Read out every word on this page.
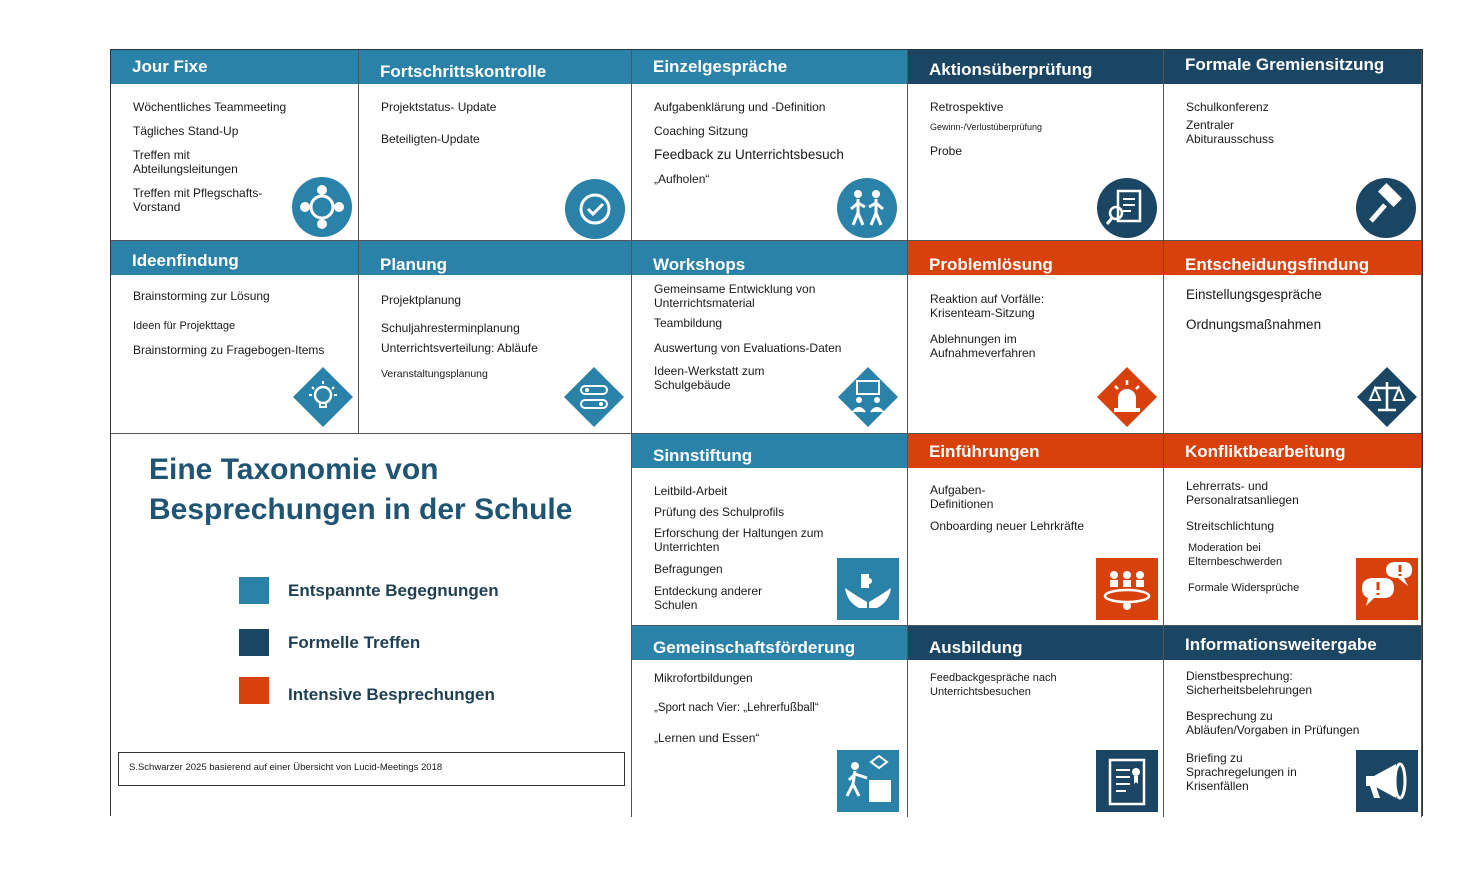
Jour Fixe
Wöchentliches Teammeeting
Tägliches Stand-Up
Treffen mit Abteilungsleitungen
Treffen mit Pflegschafts-Vorstand
Fortschrittskontrolle
Projektstatus- Update
Beteiligten-Update
Einzelgespräche
Aufgabenklärung und -Definition
Coaching Sitzung
Feedback zu Unterrichtsbesuch
„Aufholen“
Aktionsüberprüfung
Retrospektive
Gewinn-/Verlustüberprüfung
Probe
Formale Gremiensitzung
Schulkonferenz
Zentraler Abiturausschuss
Ideenfindung
Brainstorming zur Lösung
Ideen für Projekttage
Brainstorming zu Fragebogen-Items
Planung
Projektplanung
Schuljahresterminplanung
Unterrichtsverteilung: Abläufe
Veranstaltungsplanung
Workshops
Gemeinsame Entwicklung von Unterrichtsmaterial
Teambildung
Auswertung von Evaluations-Daten
Ideen-Werkstatt zum Schulgebäude
Problemlösung
Reaktion auf Vorfälle: Krisenteam-Sitzung
Ablehnungen im Aufnahmeverfahren
Entscheidungsfindung
Einstellungsgespräche
Ordnungsmaßnahmen
Sinnstiftung
Leitbild-Arbeit
Prüfung des Schulprofils
Erforschung der Haltungen zum Unterrichten
Befragungen
Entdeckung anderer Schulen
Einführungen
Aufgaben-Definitionen
Onboarding neuer Lehrkräfte
Konfliktbearbeitung
Lehrerrats- und Personalratsanliegen
Streitschlichtung
Moderation bei Elternbeschwerden
Formale Widersprüche
Gemeinschaftsförderung
Mikrofortbildungen
„Sport nach Vier: „Lehrerfußball“
„Lernen und Essen“
Ausbildung
Feedbackgespräche nach Unterrichtsbesuchen
Informationsweitergabe
Dienstbesprechung: Sicherheitsbelehrungen
Besprechung zu Abläufen/Vorgaben in Prüfungen
Briefing zu Sprachregelungen in Krisenfällen
Eine Taxonomie von Besprechungen in der Schule
Entspannte Begegnungen
Formelle Treffen
Intensive Besprechungen
S.Schwarzer 2025 basierend auf einer Übersicht von Lucid-Meetings 2018
